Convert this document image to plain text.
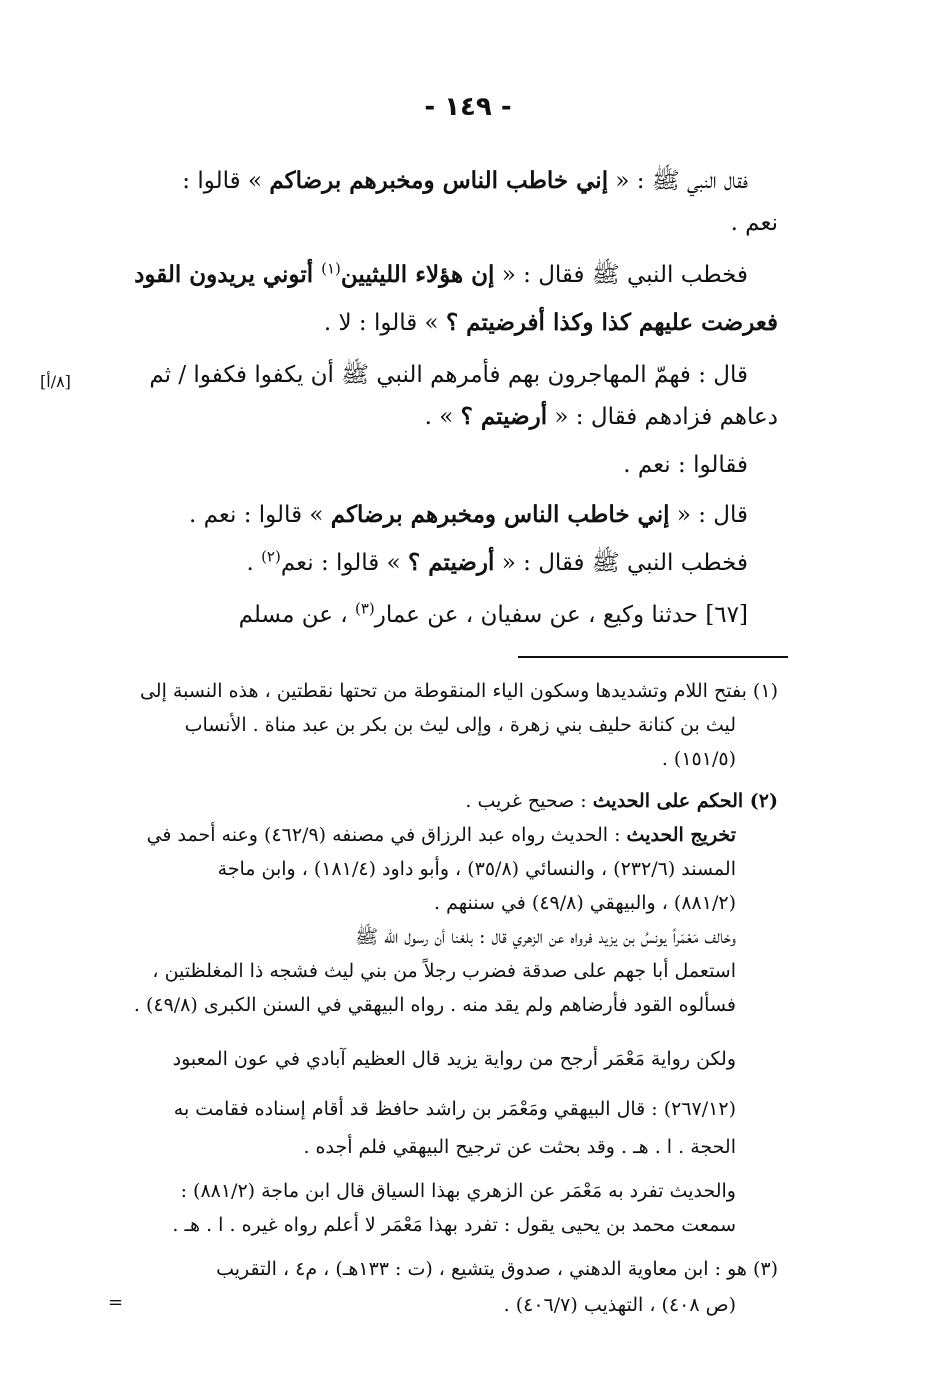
- ١٤٩ -
[٨/أ]
فقال النبي ﷺ : « إني خاطب الناس ومخبرهم برضاكم » قالوا :
نعم .
فخطب النبي ﷺ فقال : « إن هؤلاء الليثيين$^{(١)}$ أتوني يريدون القود
فعرضت عليهم كذا وكذا أفرضيتم ؟ » قالوا : لا .
قال : فهمّ المهاجرون بهم فأمرهم النبي ﷺ أن يكفوا فكفوا / ثم
دعاهم فزادهم فقال : « أرضيتم ؟ » .
فقالوا : نعم .
قال : « إني خاطب الناس ومخبرهم برضاكم » قالوا : نعم .
فخطب النبي ﷺ فقال : « أرضيتم ؟ » قالوا : نعم$^{(٢)}$ .
[٦٧] حدثنا وكيع ، عن سفيان ، عن عمار$^{(٣)}$ ، عن مسلم
(١) بفتح اللام وتشديدها وسكون الياء المنقوطة من تحتها نقطتين ، هذه النسبة إلى
ليث بن كنانة حليف بني زهرة ، وإلى ليث بن بكر بن عبد مناة . الأنساب
(١٥١/٥) .
(٢) الحكم على الحديث : صحيح غريب .
تخريج الحديث : الحديث رواه عبد الرزاق في مصنفه (٤٦٢/٩) وعنه أحمد في
المسند (٢٣٢/٦) ، والنسائي (٣٥/٨) ، وأبو داود (١٨١/٤) ، وابن ماجة
(٨٨١/٢) ، والبيهقي (٤٩/٨) في سننهم .
وخالف مَعْمَراً يونسُ بن يزيد فرواه عن الزهري قال : بلغنا أن رسول الله ﷺ
استعمل أبا جهم على صدقة فضرب رجلاً من بني ليث فشجه ذا المغلظتين ،
فسألوه القود فأرضاهم ولم يقد منه . رواه البيهقي في السنن الكبرى (٤٩/٨) .
ولكن رواية مَعْمَر أرجح من رواية يزيد قال العظيم آبادي في عون المعبود
(٢٦٧/١٢) : قال البيهقي ومَعْمَر بن راشد حافظ قد أقام إسناده فقامت به
الحجة . ا . هـ . وقد بحثت عن ترجيح البيهقي فلم أجده .
والحديث تفرد به مَعْمَر عن الزهري بهذا السياق قال ابن ماجة (٨٨١/٢) :
سمعت محمد بن يحيى يقول : تفرد بهذا مَعْمَر لا أعلم رواه غيره . ا . هـ .
(٣) هو : ابن معاوية الدهني ، صدوق يتشيع ، (ت : ١٣٣هـ) ، م٤ ، التقريب
(ص ٤٠٨) ، التهذيب (٤٠٦/٧) .
=
